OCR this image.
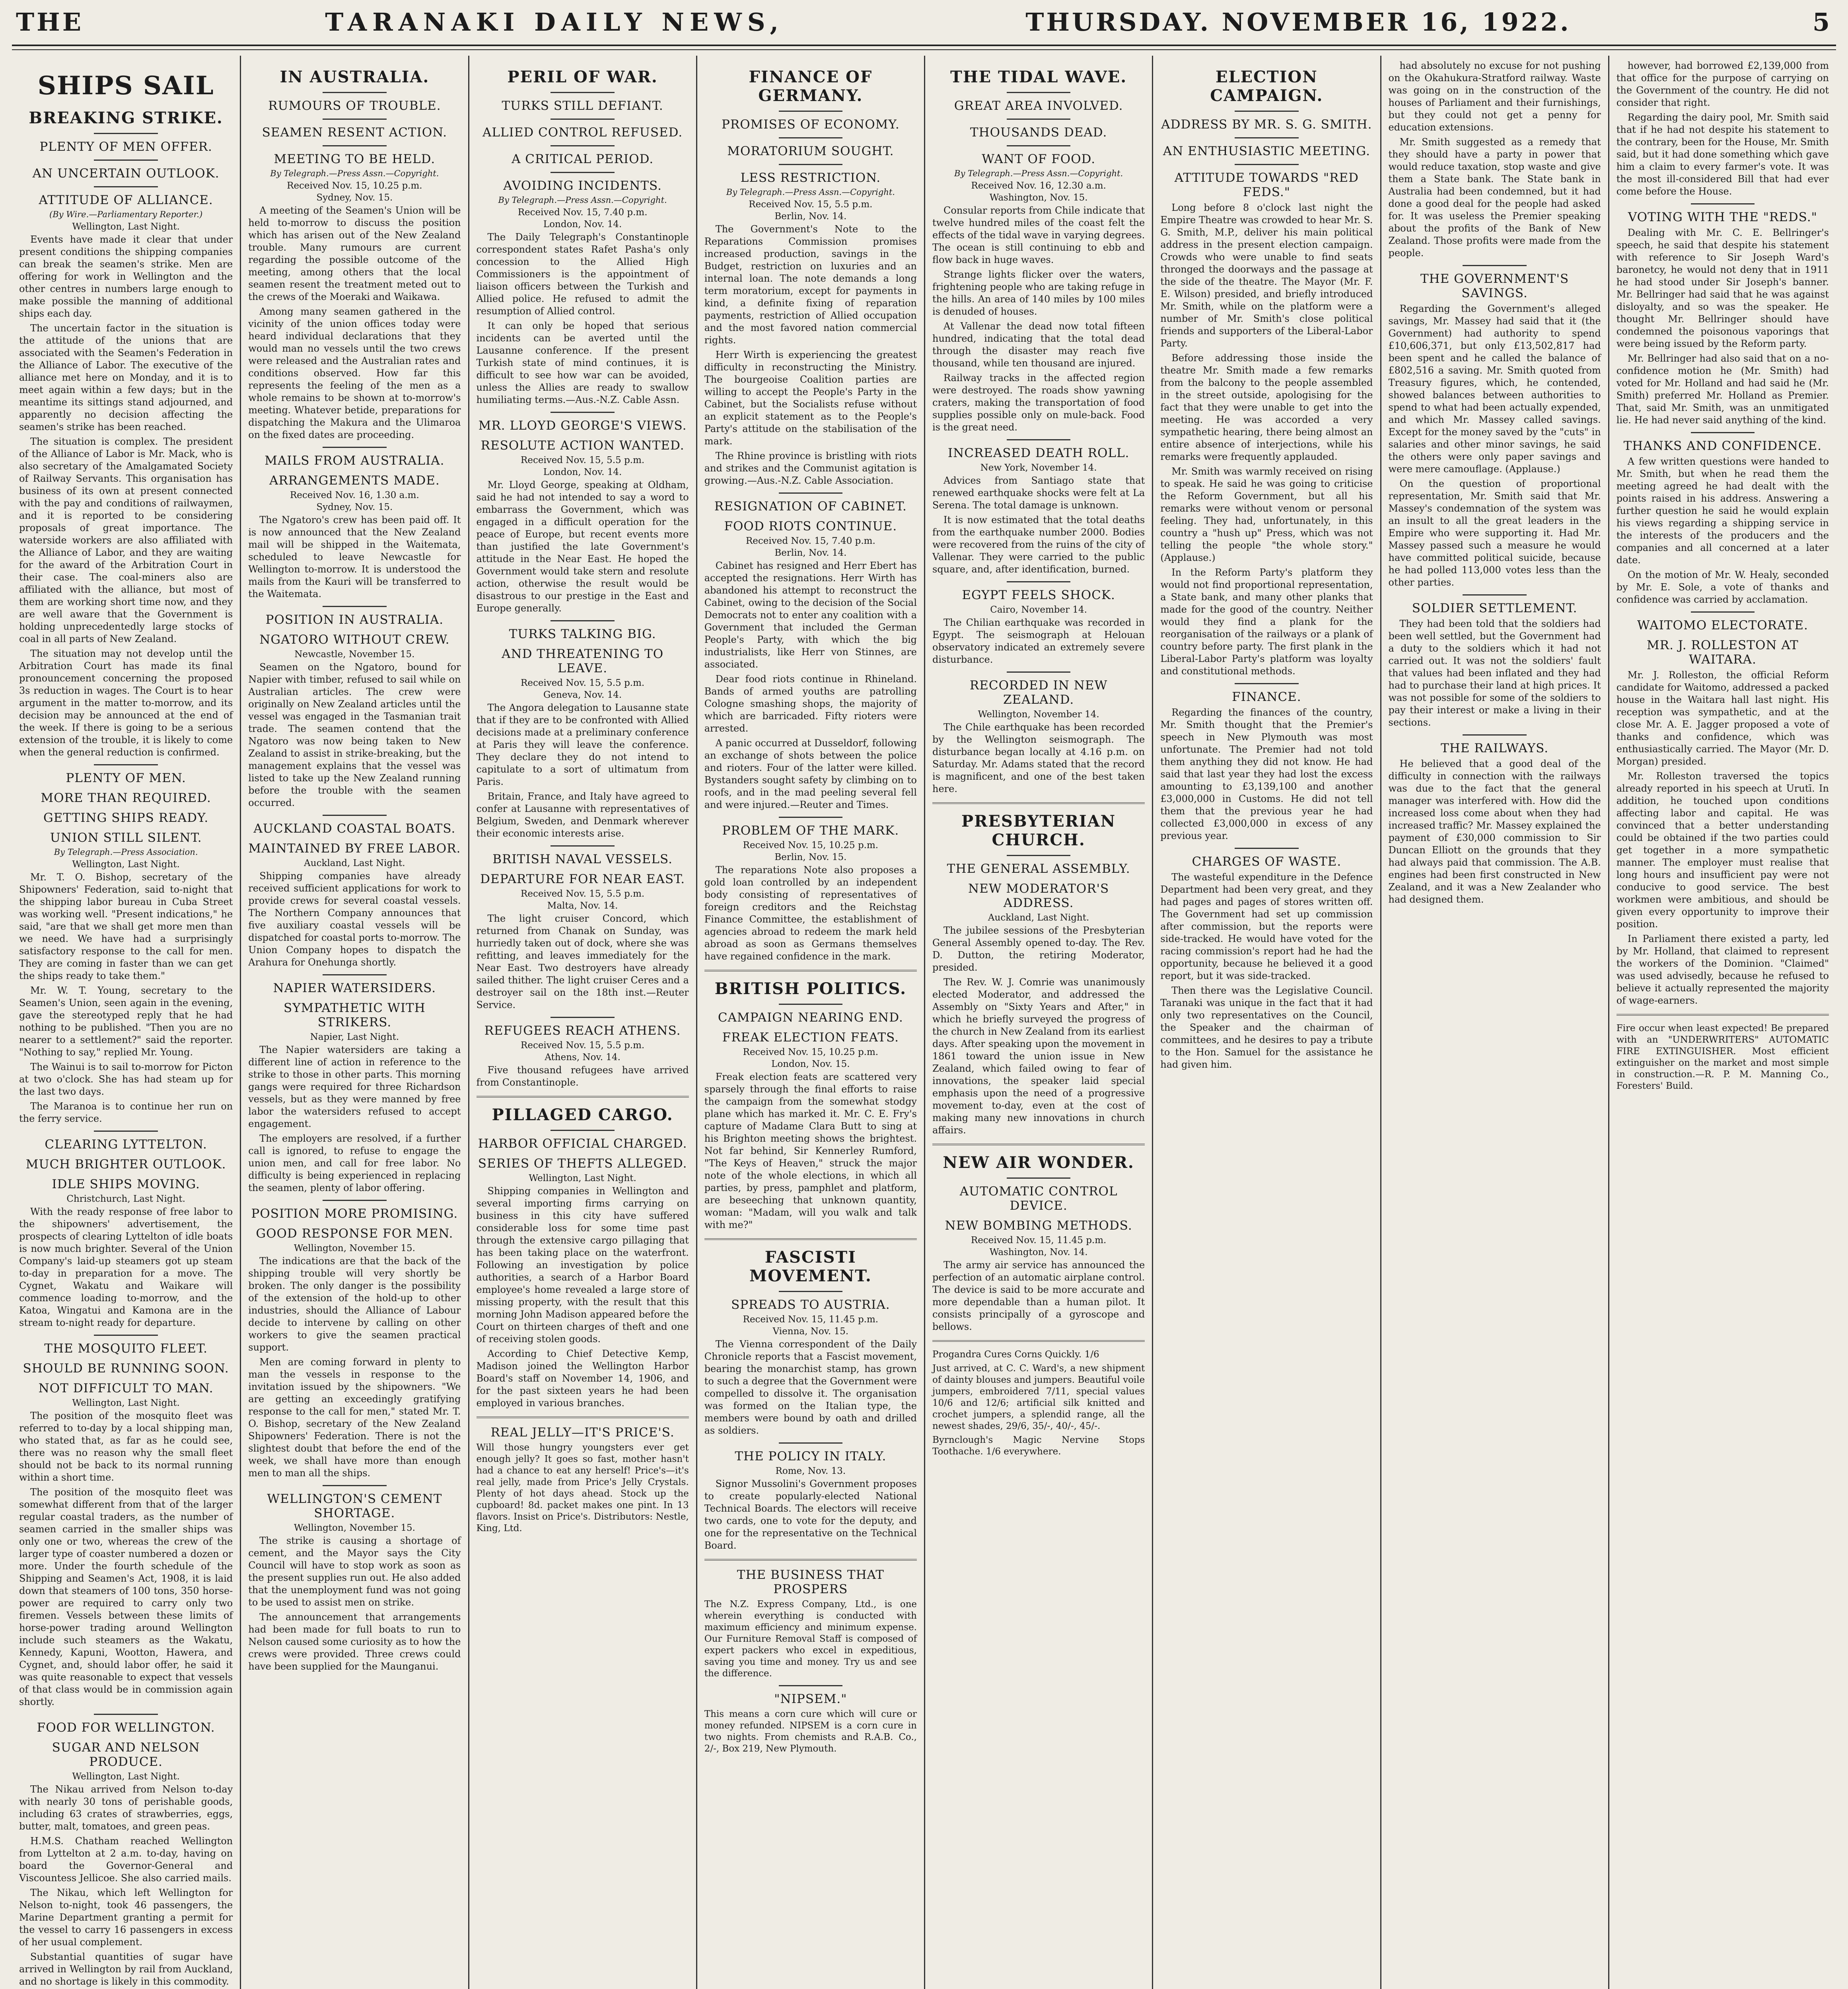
THE	TARANAKI DAILY NEWS,	THURSDAY. NOVEMBER 16, 1922.	5
SHIPS SAIL
BREAKING STRIKE.
PLENTY OF MEN OFFER.
AN UNCERTAIN OUTLOOK.
ATTITUDE OF ALLIANCE.
(By Wire.—Parliamentary Reporter.)
Wellington, Last Night.

Events have made it clear that under present conditions the shipping companies can break the seamen's strike. Men are offering for work in Wellington and the other centres in numbers large enough to make possible the manning of additional ships each day.

The uncertain factor in the situation is the attitude of the unions that are associated with the Seamen's Federation in the Alliance of Labor. The executive of the alliance met here on Monday, and it is to meet again within a few days; but in the meantime its sittings stand adjourned, and apparently no decision affecting the seamen's strike has been reached.

The situation is complex. The president of the Alliance of Labor is Mr. Mack, who is also secretary of the Amalgamated Society of Railway Servants. This organisation has business of its own at present connected with the pay and conditions of railwaymen, and it is reported to be considering proposals of great importance. The waterside workers are also affiliated with the Alliance of Labor, and they are waiting for the award of the Arbitration Court in their case. The coal-miners also are affiliated with the alliance, but most of them are working short time now, and they are well aware that the Government is holding unprecedentedly large stocks of coal in all parts of New Zealand.

The situation may not develop until the Arbitration Court has made its final pronouncement concerning the proposed 3s reduction in wages. The Court is to hear argument in the matter to-morrow, and its decision may be announced at the end of the week. If there is going to be a serious extension of the trouble, it is likely to come when the general reduction is confirmed.

PLENTY OF MEN.
MORE THAN REQUIRED.
GETTING SHIPS READY.
UNION STILL SILENT.
By Telegraph.—Press Association.
Wellington, Last Night.

Mr. T. O. Bishop, secretary of the Shipowners' Federation, said to-night that the shipping labor bureau in Cuba Street was working well. "Present indications," he said, "are that we shall get more men than we need. We have had a surprisingly satisfactory response to the call for men. They are coming in faster than we can get the ships ready to take them."

Mr. W. T. Young, secretary to the Seamen's Union, seen again in the evening, gave the stereotyped reply that he had nothing to be published. "Then you are no nearer to a settlement?" said the reporter. "Nothing to say," replied Mr. Young.

The Wainui is to sail to-morrow for Picton at two o'clock. She has had steam up for the last two days.

The Maranoa is to continue her run on the ferry service.

CLEARING LYTTELTON.
MUCH BRIGHTER OUTLOOK.
IDLE SHIPS MOVING.
Christchurch, Last Night.

With the ready response of free labor to the shipowners' advertisement, the prospects of clearing Lyttelton of idle boats is now much brighter. Several of the Union Company's laid-up steamers got up steam to-day in preparation for a move. The Cygnet, Wakatu and Waikare will commence loading to-morrow, and the Katoa, Wingatui and Kamona are in the stream to-night ready for departure.

THE MOSQUITO FLEET.
SHOULD BE RUNNING SOON.
NOT DIFFICULT TO MAN.
Wellington, Last Night.

The position of the mosquito fleet was referred to to-day by a local shipping man, who stated that, as far as he could see, there was no reason why the small fleet should not be back to its normal running within a short time.

The position of the mosquito fleet was somewhat different from that of the larger regular coastal traders, as the number of seamen carried in the smaller ships was only one or two, whereas the crew of the larger type of coaster numbered a dozen or more. Under the fourth schedule of the Shipping and Seamen's Act, 1908, it is laid down that steamers of 100 tons, 350 horse-power are required to carry only two firemen. Vessels between these limits of horse-power trading around Wellington include such steamers as the Wakatu, Kennedy, Kapuni, Wootton, Hawera, and Cygnet, and, should labor offer, he said it was quite reasonable to expect that vessels of that class would be in commission again shortly.

FOOD FOR WELLINGTON.
SUGAR AND NELSON PRODUCE.
Wellington, Last Night.

The Nikau arrived from Nelson to-day with nearly 30 tons of perishable goods, including 63 crates of strawberries, eggs, butter, malt, tomatoes, and green peas.

H.M.S. Chatham reached Wellington from Lyttelton at 2 a.m. to-day, having on board the Governor-General and Viscountess Jellicoe. She also carried mails.

The Nikau, which left Wellington for Nelson to-night, took 46 passengers, the Marine Department granting a permit for the vessel to carry 16 passengers in excess of her usual complement.

Substantial quantities of sugar have arrived in Wellington by rail from Auckland, and no shortage is likely in this commodity.

IN AUSTRALIA.
RUMOURS OF TROUBLE.
SEAMEN RESENT ACTION.
MEETING TO BE HELD.
By Telegraph.—Press Assn.—Copyright.
Received Nov. 15, 10.25 p.m.
Sydney, Nov. 15.

A meeting of the Seamen's Union will be held to-morrow to discuss the position which has arisen out of the New Zealand trouble. Many rumours are current regarding the possible outcome of the meeting, among others that the local seamen resent the treatment meted out to the crews of the Moeraki and Waikawa.

Among many seamen gathered in the vicinity of the union offices today were heard individual declarations that they would man no vessels until the two crews were released and the Australian rates and conditions observed. How far this represents the feeling of the men as a whole remains to be shown at to-morrow's meeting. Whatever betide, preparations for dispatching the Makura and the Ulimaroa on the fixed dates are proceeding.

MAILS FROM AUSTRALIA.
ARRANGEMENTS MADE.
Received Nov. 16, 1.30 a.m.
Sydney, Nov. 15.

The Ngatoro's crew has been paid off. It is now announced that the New Zealand mail will be shipped in the Waitemata, scheduled to leave Newcastle for Wellington to-morrow. It is understood the mails from the Kauri will be transferred to the Waitemata.

POSITION IN AUSTRALIA.
NGATORO WITHOUT CREW.
Newcastle, November 15.

Seamen on the Ngatoro, bound for Napier with timber, refused to sail while on Australian articles. The crew were originally on New Zealand articles until the vessel was engaged in the Tasmanian trait trade. The seamen contend that the Ngatoro was now being taken to New Zealand to assist in strike-breaking, but the management explains that the vessel was listed to take up the New Zealand running before the trouble with the seamen occurred.

AUCKLAND COASTAL BOATS.
MAINTAINED BY FREE LABOR.
Auckland, Last Night.

Shipping companies have already received sufficient applications for work to provide crews for several coastal vessels. The Northern Company announces that five auxiliary coastal vessels will be dispatched for coastal ports to-morrow. The Union Company hopes to dispatch the Arahura for Onehunga shortly.

NAPIER WATERSIDERS.
SYMPATHETIC WITH STRIKERS.
Napier, Last Night.

The Napier watersiders are taking a different line of action in reference to the strike to those in other parts. This morning gangs were required for three Richardson vessels, but as they were manned by free labor the watersiders refused to accept engagement.

The employers are resolved, if a further call is ignored, to refuse to engage the union men, and call for free labor. No difficulty is being experienced in replacing the seamen, plenty of labor offering.

POSITION MORE PROMISING.
GOOD RESPONSE FOR MEN.
Wellington, November 15.

The indications are that the back of the shipping trouble will very shortly be broken. The only danger is the possibility of the extension of the hold-up to other industries, should the Alliance of Labour decide to intervene by calling on other workers to give the seamen practical support.

Men are coming forward in plenty to man the vessels in response to the invitation issued by the shipowners. "We are getting an exceedingly gratifying response to the call for men," stated Mr. T. O. Bishop, secretary of the New Zealand Shipowners' Federation. There is not the slightest doubt that before the end of the week, we shall have more than enough men to man all the ships.

WELLINGTON'S CEMENT SHORTAGE.
Wellington, November 15.

The strike is causing a shortage of cement, and the Mayor says the City Council will have to stop work as soon as the present supplies run out. He also added that the unemployment fund was not going to be used to assist men on strike.

The announcement that arrangements had been made for full boats to run to Nelson caused some curiosity as to how the crews were provided. Three crews could have been supplied for the Maunganui.

PERIL OF WAR.
TURKS STILL DEFIANT.
ALLIED CONTROL REFUSED.
A CRITICAL PERIOD.
AVOIDING INCIDENTS.
By Telegraph.—Press Assn.—Copyright.
Received Nov. 15, 7.40 p.m.
London, Nov. 14.

The Daily Telegraph's Constantinople correspondent states Rafet Pasha's only concession to the Allied High Commissioners is the appointment of liaison officers between the Turkish and Allied police. He refused to admit the resumption of Allied control.

It can only be hoped that serious incidents can be averted until the Lausanne conference. If the present Turkish state of mind continues, it is difficult to see how war can be avoided, unless the Allies are ready to swallow humiliating terms.—Aus.-N.Z. Cable Assn.

MR. LLOYD GEORGE'S VIEWS.
RESOLUTE ACTION WANTED.
Received Nov. 15, 5.5 p.m.
London, Nov. 14.

Mr. Lloyd George, speaking at Oldham, said he had not intended to say a word to embarrass the Government, which was engaged in a difficult operation for the peace of Europe, but recent events more than justified the late Government's attitude in the Near East. He hoped the Government would take stern and resolute action, otherwise the result would be disastrous to our prestige in the East and Europe generally.

TURKS TALKING BIG.
AND THREATENING TO LEAVE.
Received Nov. 15, 5.5 p.m.
Geneva, Nov. 14.

The Angora delegation to Lausanne state that if they are to be confronted with Allied decisions made at a preliminary conference at Paris they will leave the conference. They declare they do not intend to capitulate to a sort of ultimatum from Paris.

Britain, France, and Italy have agreed to confer at Lausanne with representatives of Belgium, Sweden, and Denmark wherever their economic interests arise.

BRITISH NAVAL VESSELS.
DEPARTURE FOR NEAR EAST.
Received Nov. 15, 5.5 p.m.
Malta, Nov. 14.

The light cruiser Concord, which returned from Chanak on Sunday, was hurriedly taken out of dock, where she was refitting, and leaves immediately for the Near East. Two destroyers have already sailed thither. The light cruiser Ceres and a destroyer sail on the 18th inst.—Reuter Service.

REFUGEES REACH ATHENS.
Received Nov. 15, 5.5 p.m.
Athens, Nov. 14.

Five thousand refugees have arrived from Constantinople.

PILLAGED CARGO.
HARBOR OFFICIAL CHARGED.
SERIES OF THEFTS ALLEGED.
Wellington, Last Night.

Shipping companies in Wellington and several importing firms carrying on business in this city have suffered considerable loss for some time past through the extensive cargo pillaging that has been taking place on the waterfront. Following an investigation by police authorities, a search of a Harbor Board employee's home revealed a large store of missing property, with the result that this morning John Madison appeared before the Court on thirteen charges of theft and one of receiving stolen goods.

According to Chief Detective Kemp, Madison joined the Wellington Harbor Board's staff on November 14, 1906, and for the past sixteen years he had been employed in various branches.

REAL JELLY—IT'S PRICE'S.

Will those hungry youngsters ever get enough jelly? It goes so fast, mother hasn't had a chance to eat any herself! Price's—it's real jelly, made from Price's Jelly Crystals. Plenty of hot days ahead. Stock up the cupboard! 8d. packet makes one pint. In 13 flavors. Insist on Price's. Distributors: Nestle, King, Ltd.

FINANCE OF GERMANY.
PROMISES OF ECONOMY.
MORATORIUM SOUGHT.
LESS RESTRICTION.
By Telegraph.—Press Assn.—Copyright.
Received Nov. 15, 5.5 p.m.
Berlin, Nov. 14.

The Government's Note to the Reparations Commission promises increased production, savings in the Budget, restriction on luxuries and an internal loan. The note demands a long term moratorium, except for payments in kind, a definite fixing of reparation payments, restriction of Allied occupation and the most favored nation commercial rights.

Herr Wirth is experiencing the greatest difficulty in reconstructing the Ministry. The bourgeoise Coalition parties are willing to accept the People's Party in the Cabinet, but the Socialists refuse without an explicit statement as to the People's Party's attitude on the stabilisation of the mark.

The Rhine province is bristling with riots and strikes and the Communist agitation is growing.—Aus.-N.Z. Cable Association.

RESIGNATION OF CABINET.
FOOD RIOTS CONTINUE.
Received Nov. 15, 7.40 p.m.
Berlin, Nov. 14.

Cabinet has resigned and Herr Ebert has accepted the resignations. Herr Wirth has abandoned his attempt to reconstruct the Cabinet, owing to the decision of the Social Democrats not to enter any coalition with a Government that included the German People's Party, with which the big industrialists, like Herr von Stinnes, are associated.

Dear food riots continue in Rhineland. Bands of armed youths are patrolling Cologne smashing shops, the majority of which are barricaded. Fifty rioters were arrested.

A panic occurred at Dusseldorf, following an exchange of shots between the police and rioters. Four of the latter were killed. Bystanders sought safety by climbing on to roofs, and in the mad peeling several fell and were injured.—Reuter and Times.

PROBLEM OF THE MARK.
Received Nov. 15, 10.25 p.m.
Berlin, Nov. 15.

The reparations Note also proposes a gold loan controlled by an independent body consisting of representatives of foreign creditors and the Reichstag Finance Committee, the establishment of agencies abroad to redeem the mark held abroad as soon as Germans themselves have regained confidence in the mark.

BRITISH POLITICS.
CAMPAIGN NEARING END.
FREAK ELECTION FEATS.
Received Nov. 15, 10.25 p.m.
London, Nov. 15.

Freak election feats are scattered very sparsely through the final efforts to raise the campaign from the somewhat stodgy plane which has marked it. Mr. C. E. Fry's capture of Madame Clara Butt to sing at his Brighton meeting shows the brightest. Not far behind, Sir Kennerley Rumford, "The Keys of Heaven," struck the major note of the whole elections, in which all parties, by press, pamphlet and platform, are beseeching that unknown quantity, woman: "Madam, will you walk and talk with me?"

FASCISTI MOVEMENT.
SPREADS TO AUSTRIA.
Received Nov. 15, 11.45 p.m.
Vienna, Nov. 15.

The Vienna correspondent of the Daily Chronicle reports that a Fascist movement, bearing the monarchist stamp, has grown to such a degree that the Government were compelled to dissolve it. The organisation was formed on the Italian type, the members were bound by oath and drilled as soldiers.

THE POLICY IN ITALY.
Rome, Nov. 13.

Signor Mussolini's Government proposes to create popularly-elected National Technical Boards. The electors will receive two cards, one to vote for the deputy, and one for the representative on the Technical Board.

THE BUSINESS THAT PROSPERS

The N.Z. Express Company, Ltd., is one wherein everything is conducted with maximum efficiency and minimum expense. Our Furniture Removal Staff is composed of expert packers who excel in expeditious, saving you time and money. Try us and see the difference.

"NIPSEM."

This means a corn cure which will cure or money refunded. NIPSEM is a corn cure in two nights. From chemists and R.A.B. Co., 2/-, Box 219, New Plymouth.

THE TIDAL WAVE.
GREAT AREA INVOLVED.
THOUSANDS DEAD.
WANT OF FOOD.
By Telegraph.—Press Assn.—Copyright.
Received Nov. 16, 12.30 a.m.
Washington, Nov. 15.

Consular reports from Chile indicate that twelve hundred miles of the coast felt the effects of the tidal wave in varying degrees. The ocean is still continuing to ebb and flow back in huge waves.

Strange lights flicker over the waters, frightening people who are taking refuge in the hills. An area of 140 miles by 100 miles is denuded of houses.

At Vallenar the dead now total fifteen hundred, indicating that the total dead through the disaster may reach five thousand, while ten thousand are injured.

Railway tracks in the affected region were destroyed. The roads show yawning craters, making the transportation of food supplies possible only on mule-back. Food is the great need.

INCREASED DEATH ROLL.
New York, November 14.

Advices from Santiago state that renewed earthquake shocks were felt at La Serena. The total damage is unknown.

It is now estimated that the total deaths from the earthquake number 2000. Bodies were recovered from the ruins of the city of Vallenar. They were carried to the public square, and, after identification, burned.

EGYPT FEELS SHOCK.
Cairo, November 14.

The Chilian earthquake was recorded in Egypt. The seismograph at Helouan observatory indicated an extremely severe disturbance.

RECORDED IN NEW ZEALAND.
Wellington, November 14.

The Chile earthquake has been recorded by the Wellington seismograph. The disturbance began locally at 4.16 p.m. on Saturday. Mr. Adams stated that the record is magnificent, and one of the best taken here.

PRESBYTERIAN CHURCH.
THE GENERAL ASSEMBLY.
NEW MODERATOR'S ADDRESS.
Auckland, Last Night.

The jubilee sessions of the Presbyterian General Assembly opened to-day. The Rev. D. Dutton, the retiring Moderator, presided.

The Rev. W. J. Comrie was unanimously elected Moderator, and addressed the Assembly on "Sixty Years and After," in which he briefly surveyed the progress of the church in New Zealand from its earliest days. After speaking upon the movement in 1861 toward the union issue in New Zealand, which failed owing to fear of innovations, the speaker laid special emphasis upon the need of a progressive movement to-day, even at the cost of making many new innovations in church affairs.

NEW AIR WONDER.
AUTOMATIC CONTROL DEVICE.
NEW BOMBING METHODS.
Received Nov. 15, 11.45 p.m.
Washington, Nov. 14.

The army air service has announced the perfection of an automatic airplane control. The device is said to be more accurate and more dependable than a human pilot. It consists principally of a gyroscope and bellows.

Progandra Cures Corns Quickly. 1/6

Just arrived, at C. C. Ward's, a new shipment of dainty blouses and jumpers. Beautiful voile jumpers, embroidered 7/11, special values 10/6 and 12/6; artificial silk knitted and crochet jumpers, a splendid range, all the newest shades, 29/6, 35/-, 40/-, 45/-.

Byrnclough's Magic Nervine Stops Toothache. 1/6 everywhere.

ELECTION CAMPAIGN.
ADDRESS BY MR. S. G. SMITH.
AN ENTHUSIASTIC MEETING.
ATTITUDE TOWARDS "RED FEDS."

Long before 8 o'clock last night the Empire Theatre was crowded to hear Mr. S. G. Smith, M.P., deliver his main political address in the present election campaign. Crowds who were unable to find seats thronged the doorways and the passage at the side of the theatre. The Mayor (Mr. F. E. Wilson) presided, and briefly introduced Mr. Smith, while on the platform were a number of Mr. Smith's close political friends and supporters of the Liberal-Labor Party.

Before addressing those inside the theatre Mr. Smith made a few remarks from the balcony to the people assembled in the street outside, apologising for the fact that they were unable to get into the meeting. He was accorded a very sympathetic hearing, there being almost an entire absence of interjections, while his remarks were frequently applauded.

Mr. Smith was warmly received on rising to speak. He said he was going to criticise the Reform Government, but all his remarks were without venom or personal feeling. They had, unfortunately, in this country a "hush up" Press, which was not telling the people "the whole story." (Applause.)

In the Reform Party's platform they would not find proportional representation, a State bank, and many other planks that made for the good of the country. Neither would they find a plank for the reorganisation of the railways or a plank of country before party. The first plank in the Liberal-Labor Party's platform was loyalty and constitutional methods.

FINANCE.

Regarding the finances of the country, Mr. Smith thought that the Premier's speech in New Plymouth was most unfortunate. The Premier had not told them anything they did not know. He had said that last year they had lost the excess amounting to £3,139,100 and another £3,000,000 in Customs. He did not tell them that the previous year he had collected £3,000,000 in excess of any previous year.

CHARGES OF WASTE.

The wasteful expenditure in the Defence Department had been very great, and they had pages and pages of stores written off. The Government had set up commission after commission, but the reports were side-tracked. He would have voted for the racing commission's report had he had the opportunity, because he believed it a good report, but it was side-tracked.

Then there was the Legislative Council. Taranaki was unique in the fact that it had only two representatives on the Council, the Speaker and the chairman of committees, and he desires to pay a tribute to the Hon. Samuel for the assistance he had given him.

had absolutely no excuse for not pushing on the Okahukura-Stratford railway. Waste was going on in the construction of the houses of Parliament and their furnishings, but they could not get a penny for education extensions.

Mr. Smith suggested as a remedy that they should have a party in power that would reduce taxation, stop waste and give them a State bank. The State bank in Australia had been condemned, but it had done a good deal for the people had asked for. It was useless the Premier speaking about the profits of the Bank of New Zealand. Those profits were made from the people.

THE GOVERNMENT'S SAVINGS.

Regarding the Government's alleged savings, Mr. Massey had said that it (the Government) had authority to spend £10,606,371, but only £13,502,817 had been spent and he called the balance of £802,516 a saving. Mr. Smith quoted from Treasury figures, which, he contended, showed balances between authorities to spend to what had been actually expended, and which Mr. Massey called savings. Except for the money saved by the "cuts" in salaries and other minor savings, he said the others were only paper savings and were mere camouflage. (Applause.)

On the question of proportional representation, Mr. Smith said that Mr. Massey's condemnation of the system was an insult to all the great leaders in the Empire who were supporting it. Had Mr. Massey passed such a measure he would have committed political suicide, because he had polled 113,000 votes less than the other parties.

SOLDIER SETTLEMENT.

They had been told that the soldiers had been well settled, but the Government had a duty to the soldiers which it had not carried out. It was not the soldiers' fault that values had been inflated and they had had to purchase their land at high prices. It was not possible for some of the soldiers to pay their interest or make a living in their sections.

THE RAILWAYS.

He believed that a good deal of the difficulty in connection with the railways was due to the fact that the general manager was interfered with. How did the increased loss come about when they had increased traffic? Mr. Massey explained the payment of £30,000 commission to Sir Duncan Elliott on the grounds that they had always paid that commission. The A.B. engines had been first constructed in New Zealand, and it was a New Zealander who had designed them.

however, had borrowed £2,139,000 from that office for the purpose of carrying on the Government of the country. He did not consider that right.

Regarding the dairy pool, Mr. Smith said that if he had not despite his statement to the contrary, been for the House, Mr. Smith said, but it had done something which gave him a claim to every farmer's vote. It was the most ill-considered Bill that had ever come before the House.

VOTING WITH THE "REDS."

Dealing with Mr. C. E. Bellringer's speech, he said that despite his statement with reference to Sir Joseph Ward's baronetcy, he would not deny that in 1911 he had stood under Sir Joseph's banner. Mr. Bellringer had said that he was against disloyalty, and so was the speaker. He thought Mr. Bellringer should have condemned the poisonous vaporings that were being issued by the Reform party.

Mr. Bellringer had also said that on a no-confidence motion he (Mr. Smith) had voted for Mr. Holland and had said he (Mr. Smith) preferred Mr. Holland as Premier. That, said Mr. Smith, was an unmitigated lie. He had never said anything of the kind.

THANKS AND CONFIDENCE.

A few written questions were handed to Mr. Smith, but when he read them the meeting agreed he had dealt with the points raised in his address. Answering a further question he said he would explain his views regarding a shipping service in the interests of the producers and the companies and all concerned at a later date.

On the motion of Mr. W. Healy, seconded by Mr. E. Sole, a vote of thanks and confidence was carried by acclamation.

WAITOMO ELECTORATE.
MR. J. ROLLESTON AT WAITARA.

Mr. J. Rolleston, the official Reform candidate for Waitomo, addressed a packed house in the Waitara hall last night. His reception was sympathetic, and at the close Mr. A. E. Jagger proposed a vote of thanks and confidence, which was enthusiastically carried. The Mayor (Mr. D. Morgan) presided.

Mr. Rolleston traversed the topics already reported in his speech at Urutī. In addition, he touched upon conditions affecting labor and capital. He was convinced that a better understanding could be obtained if the two parties could get together in a more sympathetic manner. The employer must realise that long hours and insufficient pay were not conducive to good service. The best workmen were ambitious, and should be given every opportunity to improve their position.

In Parliament there existed a party, led by Mr. Holland, that claimed to represent the workers of the Dominion. "Claimed" was used advisedly, because he refused to believe it actually represented the majority of wage-earners.

Fire occur when least expected! Be prepared with an "UNDERWRITERS" AUTOMATIC FIRE EXTINGUISHER. Most efficient extinguisher on the market and most simple in construction.—R. P. M. Manning Co., Foresters' Build.
